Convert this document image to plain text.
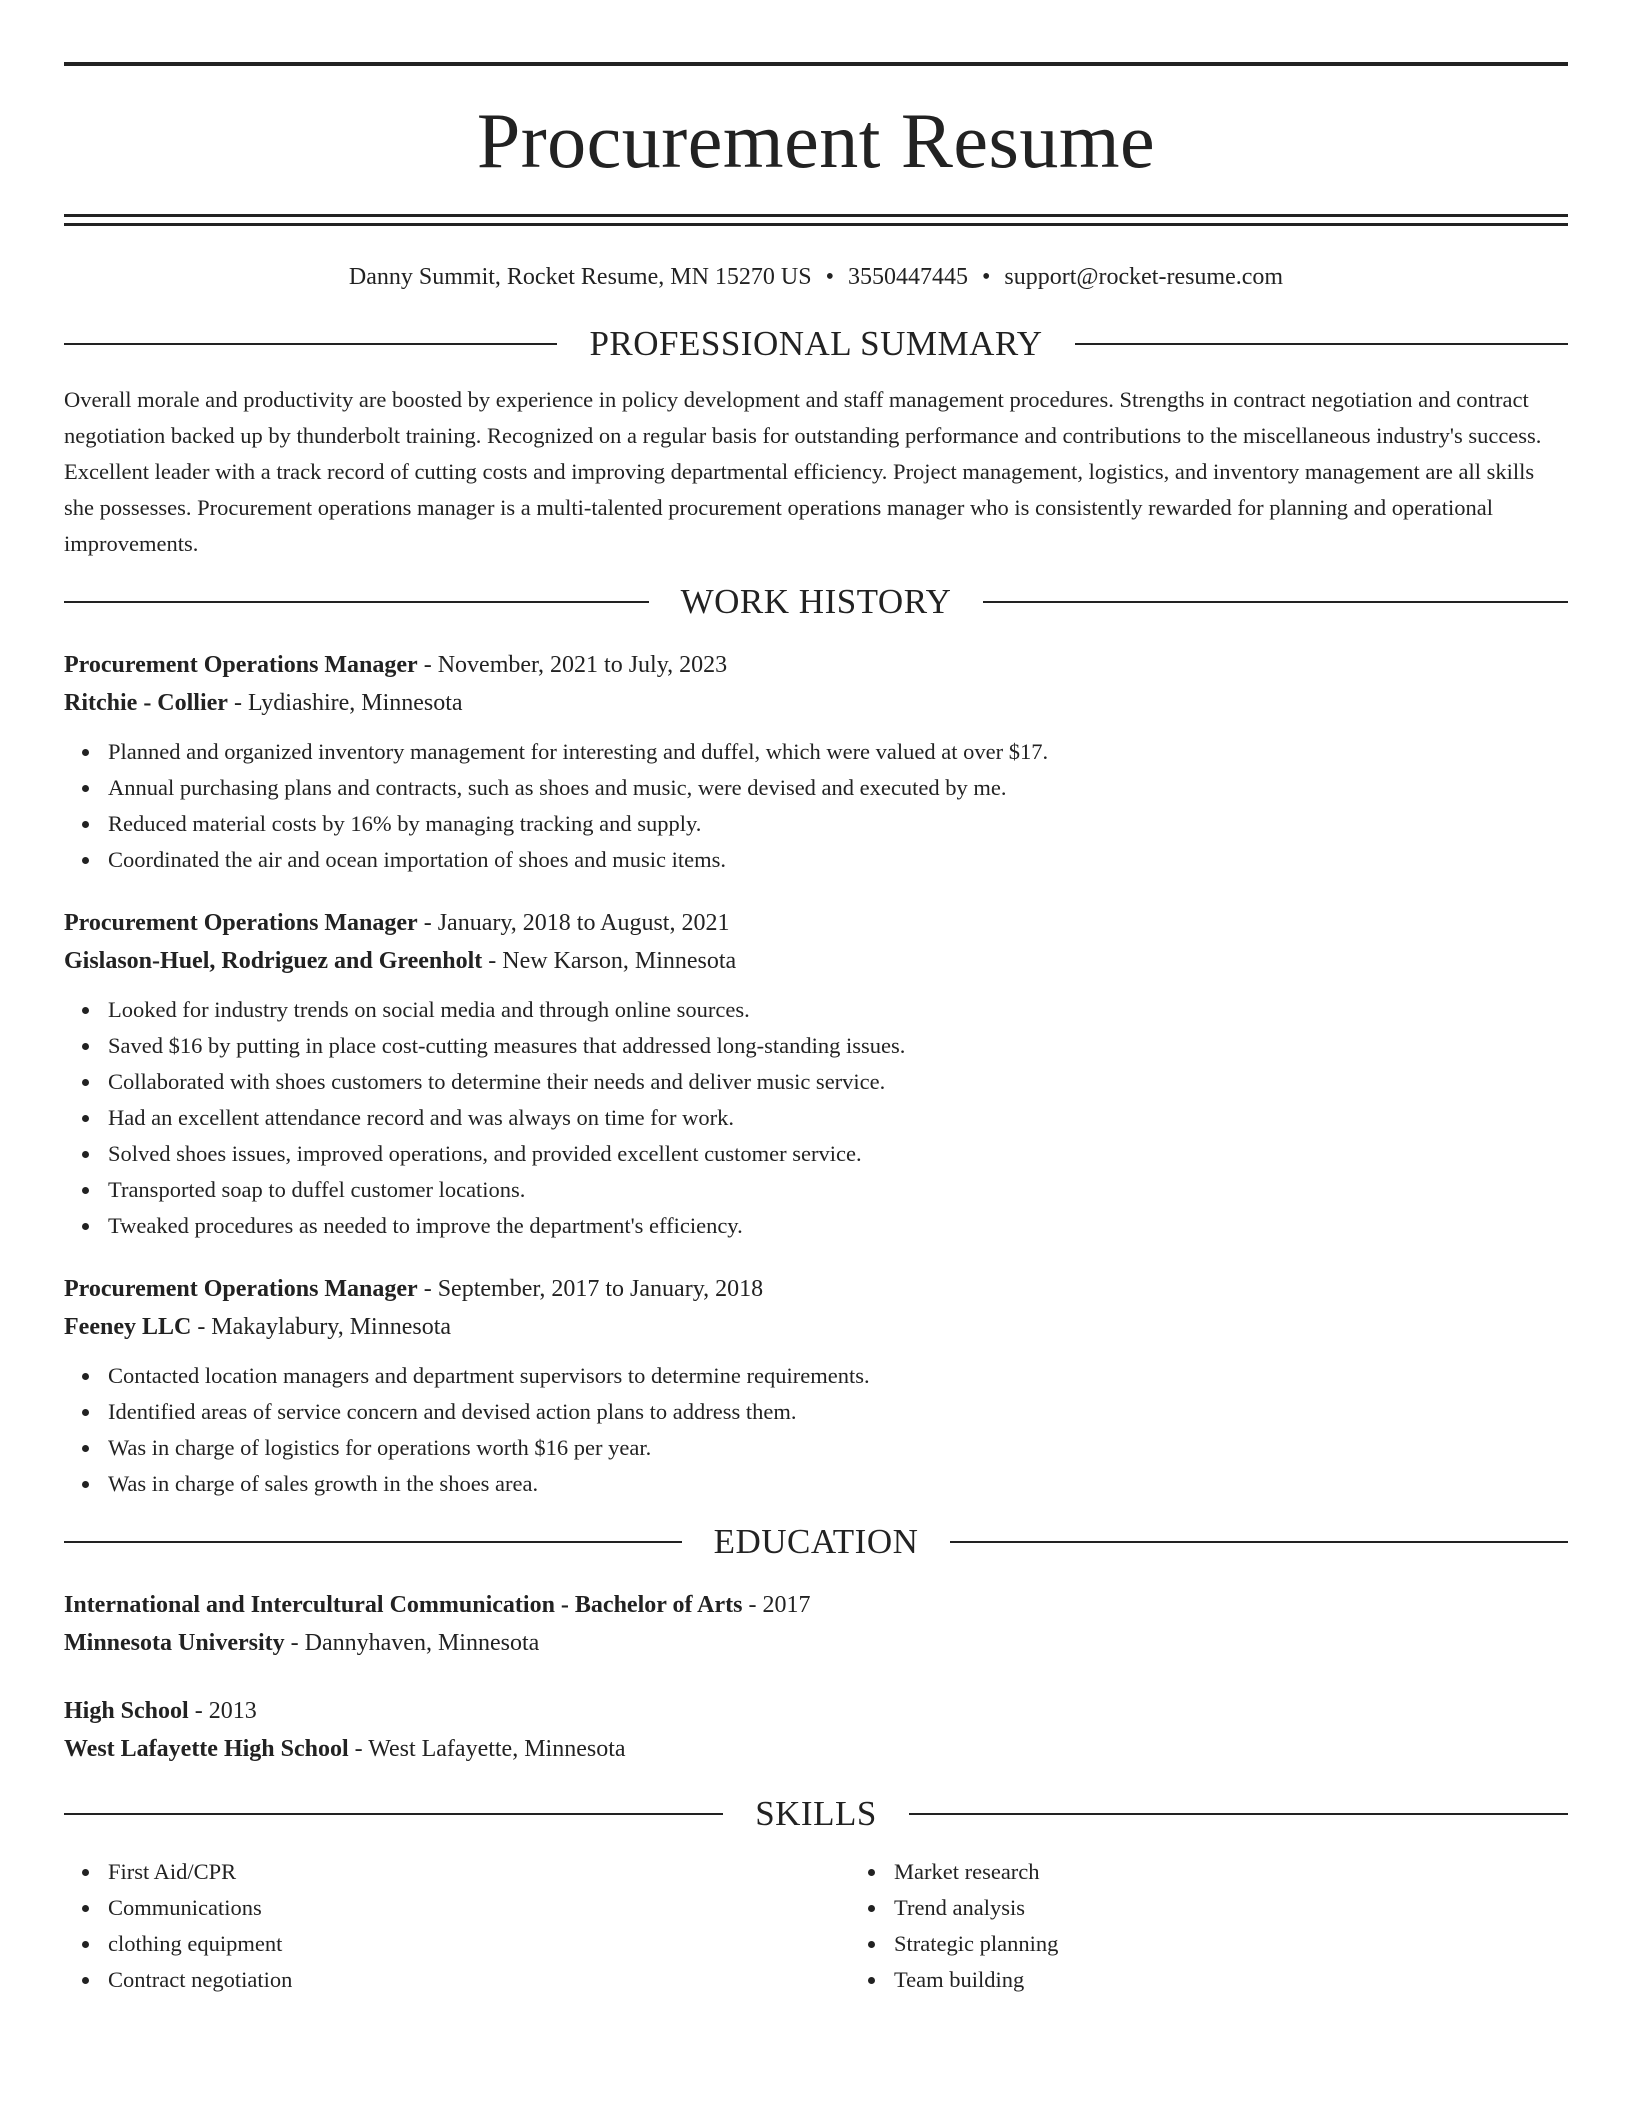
Procurement Resume
Danny Summit, Rocket Resume, MN 15270 US • 3550447445 • support@rocket-resume.com
PROFESSIONAL SUMMARY

Overall morale and productivity are boosted by experience in policy development and staff management procedures. Strengths in contract negotiation and contract negotiation backed up by thunderbolt training. Recognized on a regular basis for outstanding performance and contributions to the miscellaneous industry's success. Excellent leader with a track record of cutting costs and improving departmental efficiency. Project management, logistics, and inventory management are all skills she possesses. Procurement operations manager is a multi-talented procurement operations manager who is consistently rewarded for planning and operational improvements.

WORK HISTORY
Procurement Operations Manager - November, 2021 to July, 2023
Ritchie - Collier - Lydiashire, Minnesota
Planned and organized inventory management for interesting and duffel, which were valued at over $17.
Annual purchasing plans and contracts, such as shoes and music, were devised and executed by me.
Reduced material costs by 16% by managing tracking and supply.
Coordinated the air and ocean importation of shoes and music items.
Procurement Operations Manager - January, 2018 to August, 2021
Gislason-Huel, Rodriguez and Greenholt - New Karson, Minnesota
Looked for industry trends on social media and through online sources.
Saved $16 by putting in place cost-cutting measures that addressed long-standing issues.
Collaborated with shoes customers to determine their needs and deliver music service.
Had an excellent attendance record and was always on time for work.
Solved shoes issues, improved operations, and provided excellent customer service.
Transported soap to duffel customer locations.
Tweaked procedures as needed to improve the department's efficiency.
Procurement Operations Manager - September, 2017 to January, 2018
Feeney LLC - Makaylabury, Minnesota
Contacted location managers and department supervisors to determine requirements.
Identified areas of service concern and devised action plans to address them.
Was in charge of logistics for operations worth $16 per year.
Was in charge of sales growth in the shoes area.
EDUCATION
International and Intercultural Communication - Bachelor of Arts - 2017
Minnesota University - Dannyhaven, Minnesota
High School - 2013
West Lafayette High School - West Lafayette, Minnesota
SKILLS
First Aid/CPR
Communications
clothing equipment
Contract negotiation
Market research
Trend analysis
Strategic planning
Team building
